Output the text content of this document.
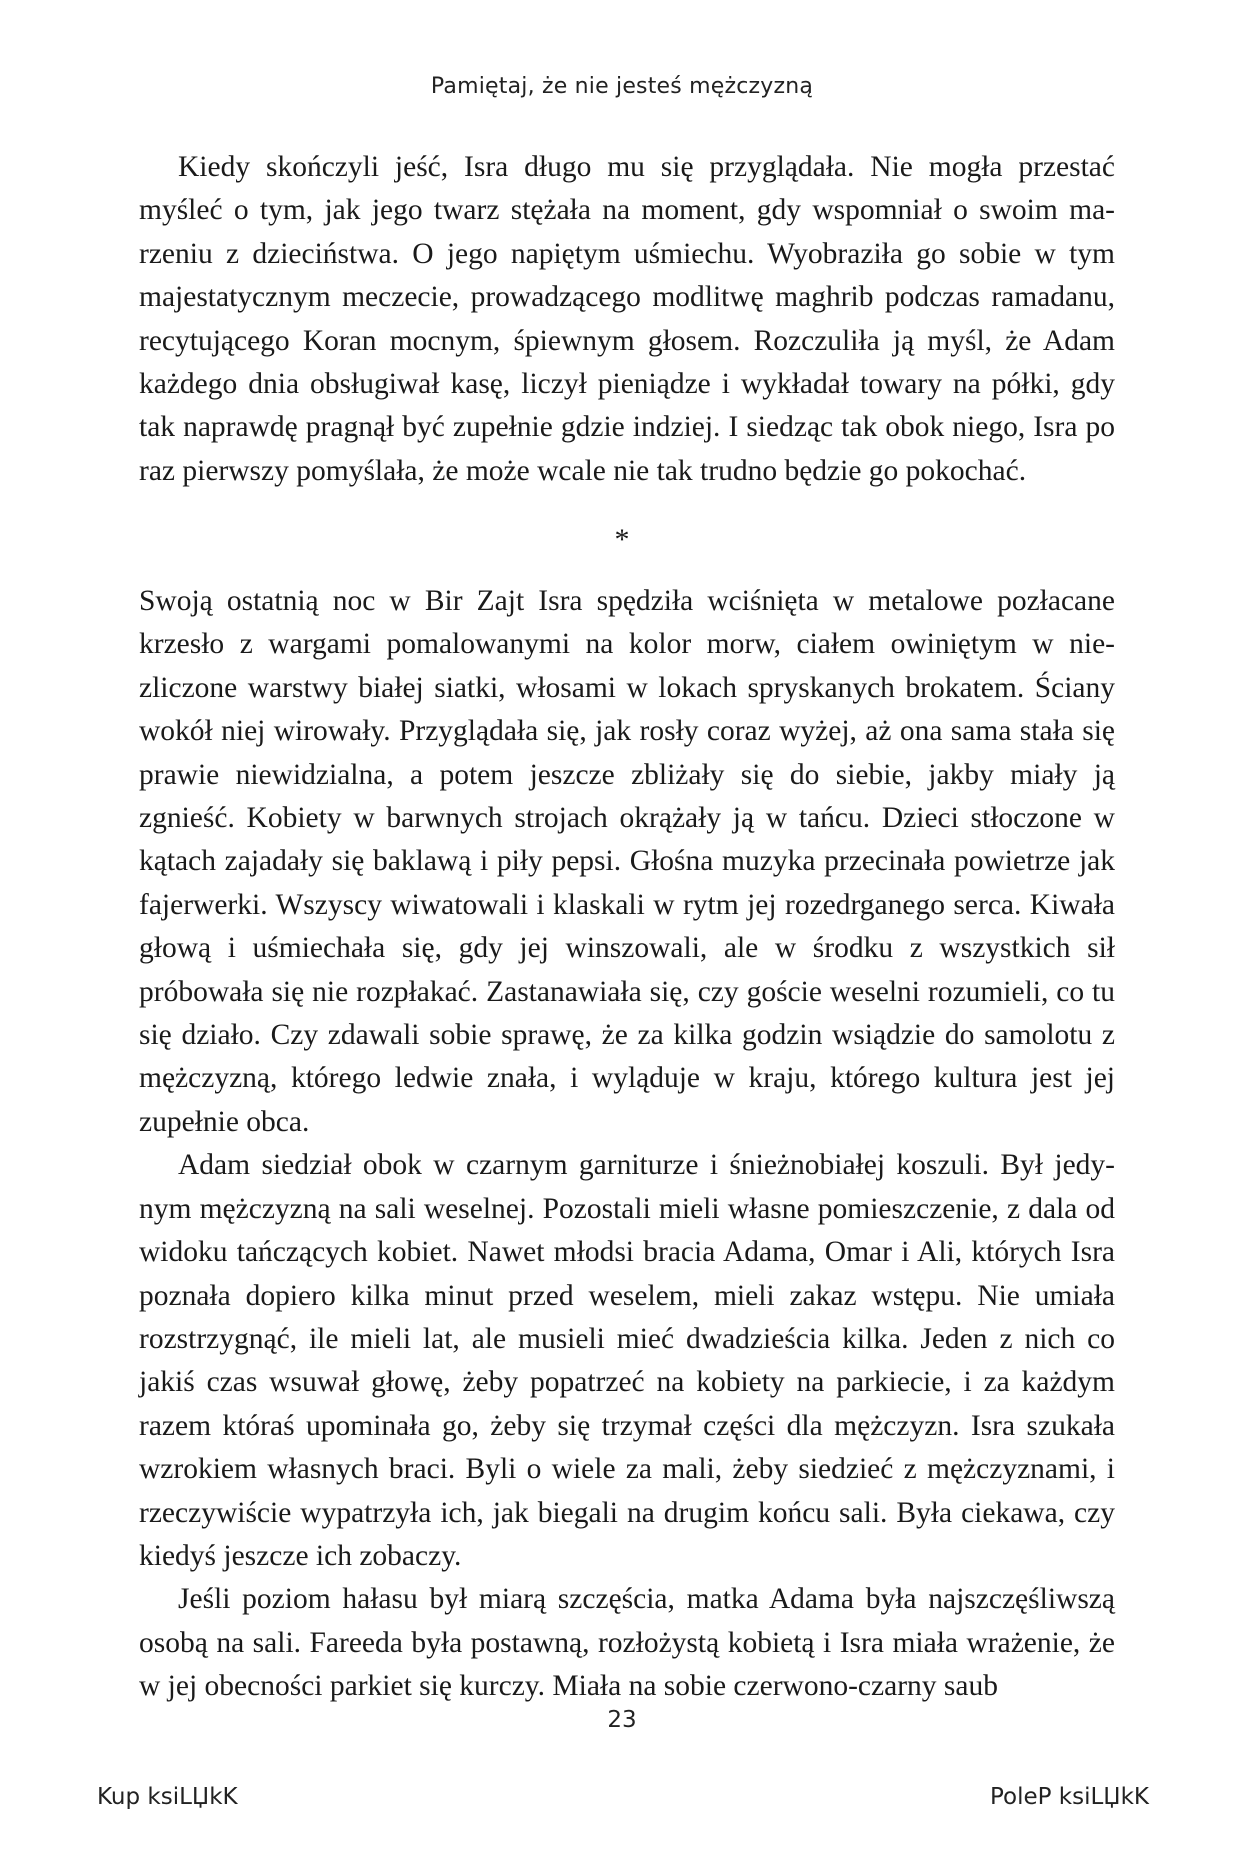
Pamiętaj, że nie jesteś mężczyzną

Kiedy skończyli jeść, Isra długo mu się przyglądała. Nie mogła przestać myśleć o tym, jak jego twarz stężała na moment, gdy wspomniał o swoim marzeniu z dzieciństwa. O jego napiętym uśmiechu. Wyobraziła go sobie w tym majestatycznym meczecie, prowadzącego modlitwę maghrib podczas ramadanu, recytującego Koran mocnym, śpiewnym głosem. Rozczuliła ją myśl, że Adam każdego dnia obsługiwał kasę, liczył pieniądze i wykładał towary na półki, gdy tak naprawdę pragnął być zupełnie gdzie indziej. I siedząc tak obok niego, Isra po raz pierwszy pomyślała, że może wcale nie tak trudno będzie go pokochać.

*

Swoją ostatnią noc w Bir Zajt Isra spędziła wciśnięta w metalowe pozłacane krzesło z wargami pomalowanymi na kolor morw, ciałem owiniętym w niezliczone warstwy białej siatki, włosami w lokach spryskanych brokatem. Ściany wokół niej wirowały. Przyglądała się, jak rosły coraz wyżej, aż ona sama stała się prawie niewidzialna, a potem jeszcze zbliżały się do siebie, jakby miały ją zgnieść. Kobiety w barwnych strojach okrążały ją w tańcu. Dzieci stłoczone w kątach zajadały się baklawą i piły pepsi. Głośna muzyka przecinała powietrze jak fajerwerki. Wszyscy wiwatowali i klaskali w rytm jej rozedrganego serca. Kiwała głową i uśmiechała się, gdy jej winszowali, ale w środku z wszystkich sił próbowała się nie rozpłakać. Zastanawiała się, czy goście weselni rozumieli, co tu się działo. Czy zdawali sobie sprawę, że za kilka godzin wsiądzie do samolotu z mężczyzną, którego ledwie znała, i wyląduje w kraju, którego kultura jest jej zupełnie obca.

Adam siedział obok w czarnym garniturze i śnieżnobiałej koszuli. Był jedynym mężczyzną na sali weselnej. Pozostali mieli własne pomieszczenie, z dala od widoku tańczących kobiet. Nawet młodsi bracia Adama, Omar i Ali, których Isra poznała dopiero kilka minut przed weselem, mieli zakaz wstępu. Nie umiała rozstrzygnąć, ile mieli lat, ale musieli mieć dwadzieścia kilka. Jeden z nich co jakiś czas wsuwał głowę, żeby popatrzeć na kobiety na parkiecie, i za każdym razem któraś upominała go, żeby się trzymał części dla mężczyzn. Isra szukała wzrokiem własnych braci. Byli o wiele za mali, żeby siedzieć z mężczyznami, i rzeczywiście wypatrzyła ich, jak biegali na drugim końcu sali. Była ciekawa, czy kiedyś jeszcze ich zobaczy.

Jeśli poziom hałasu był miarą szczęścia, matka Adama była najszczęśliwszą osobą na sali. Fareeda była postawną, rozłożystą kobietą i Isra miała wrażenie, że w jej obecności parkiet się kurczy. Miała na sobie czerwono-czarny saub

23
Kup ksiLЏkK	PoleP ksiLЏkK
